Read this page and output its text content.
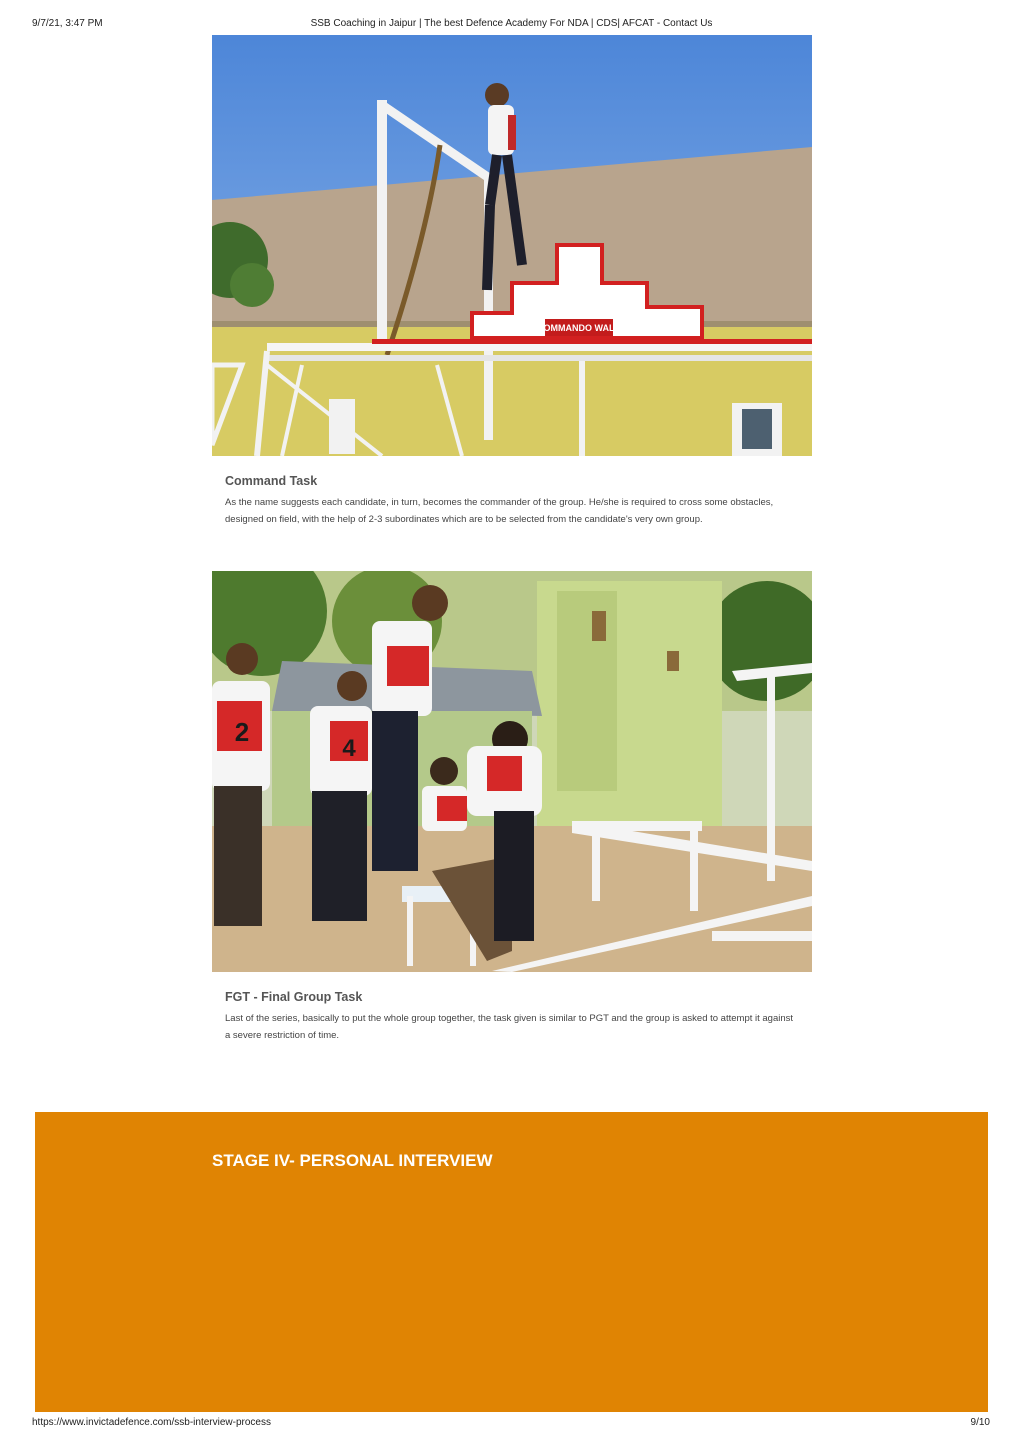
9/7/21, 3:47 PM	SSB Coaching in Jaipur | The best Defence Academy For NDA | CDS| AFCAT - Contact Us
COMMANDO WALK
Command Task
As the name suggests each candidate, in turn, becomes the commander of the group. He/she is required to cross some obstacles, designed on field, with the help of 2-3 subordinates which are to be selected from the candidate's very own group.
2
4
FGT - Final Group Task
Last of the series, basically to put the whole group together, the task given is similar to PGT and the group is asked to attempt it against a severe restriction of time.
STAGE IV- PERSONAL INTERVIEW
https://www.invictadefence.com/ssb-interview-process	9/10
